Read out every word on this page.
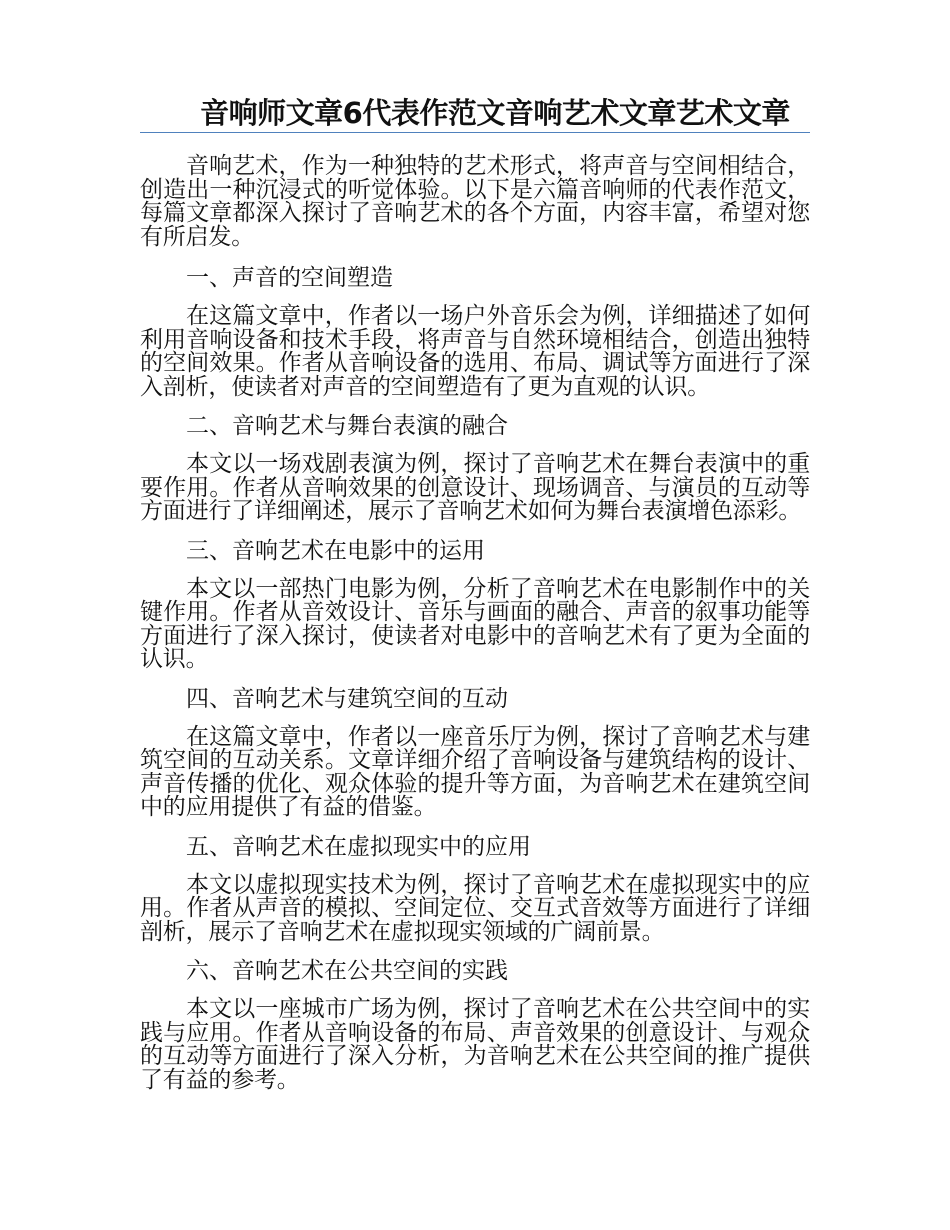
音响师文章6代表作范文音响艺术文章艺术文章

音响艺术，作为一种独特的艺术形式，将声音与空间相结合，创造出一种沉浸式的听觉体验。以下是六篇音响师的代表作范文，每篇文章都深入探讨了音响艺术的各个方面，内容丰富，希望对您有所启发。

一、声音的空间塑造

在这篇文章中，作者以一场户外音乐会为例，详细描述了如何利用音响设备和技术手段，将声音与自然环境相结合，创造出独特的空间效果。作者从音响设备的选用、布局、调试等方面进行了深入剖析，使读者对声音的空间塑造有了更为直观的认识。

二、音响艺术与舞台表演的融合

本文以一场戏剧表演为例，探讨了音响艺术在舞台表演中的重要作用。作者从音响效果的创意设计、现场调音、与演员的互动等方面进行了详细阐述，展示了音响艺术如何为舞台表演增色添彩。

三、音响艺术在电影中的运用

本文以一部热门电影为例，分析了音响艺术在电影制作中的关键作用。作者从音效设计、音乐与画面的融合、声音的叙事功能等方面进行了深入探讨，使读者对电影中的音响艺术有了更为全面的认识。

四、音响艺术与建筑空间的互动

在这篇文章中，作者以一座音乐厅为例，探讨了音响艺术与建筑空间的互动关系。文章详细介绍了音响设备与建筑结构的设计、声音传播的优化、观众体验的提升等方面，为音响艺术在建筑空间中的应用提供了有益的借鉴。

五、音响艺术在虚拟现实中的应用

本文以虚拟现实技术为例，探讨了音响艺术在虚拟现实中的应用。作者从声音的模拟、空间定位、交互式音效等方面进行了详细剖析，展示了音响艺术在虚拟现实领域的广阔前景。

六、音响艺术在公共空间的实践

本文以一座城市广场为例，探讨了音响艺术在公共空间中的实践与应用。作者从音响设备的布局、声音效果的创意设计、与观众的互动等方面进行了深入分析，为音响艺术在公共空间的推广提供了有益的参考。
